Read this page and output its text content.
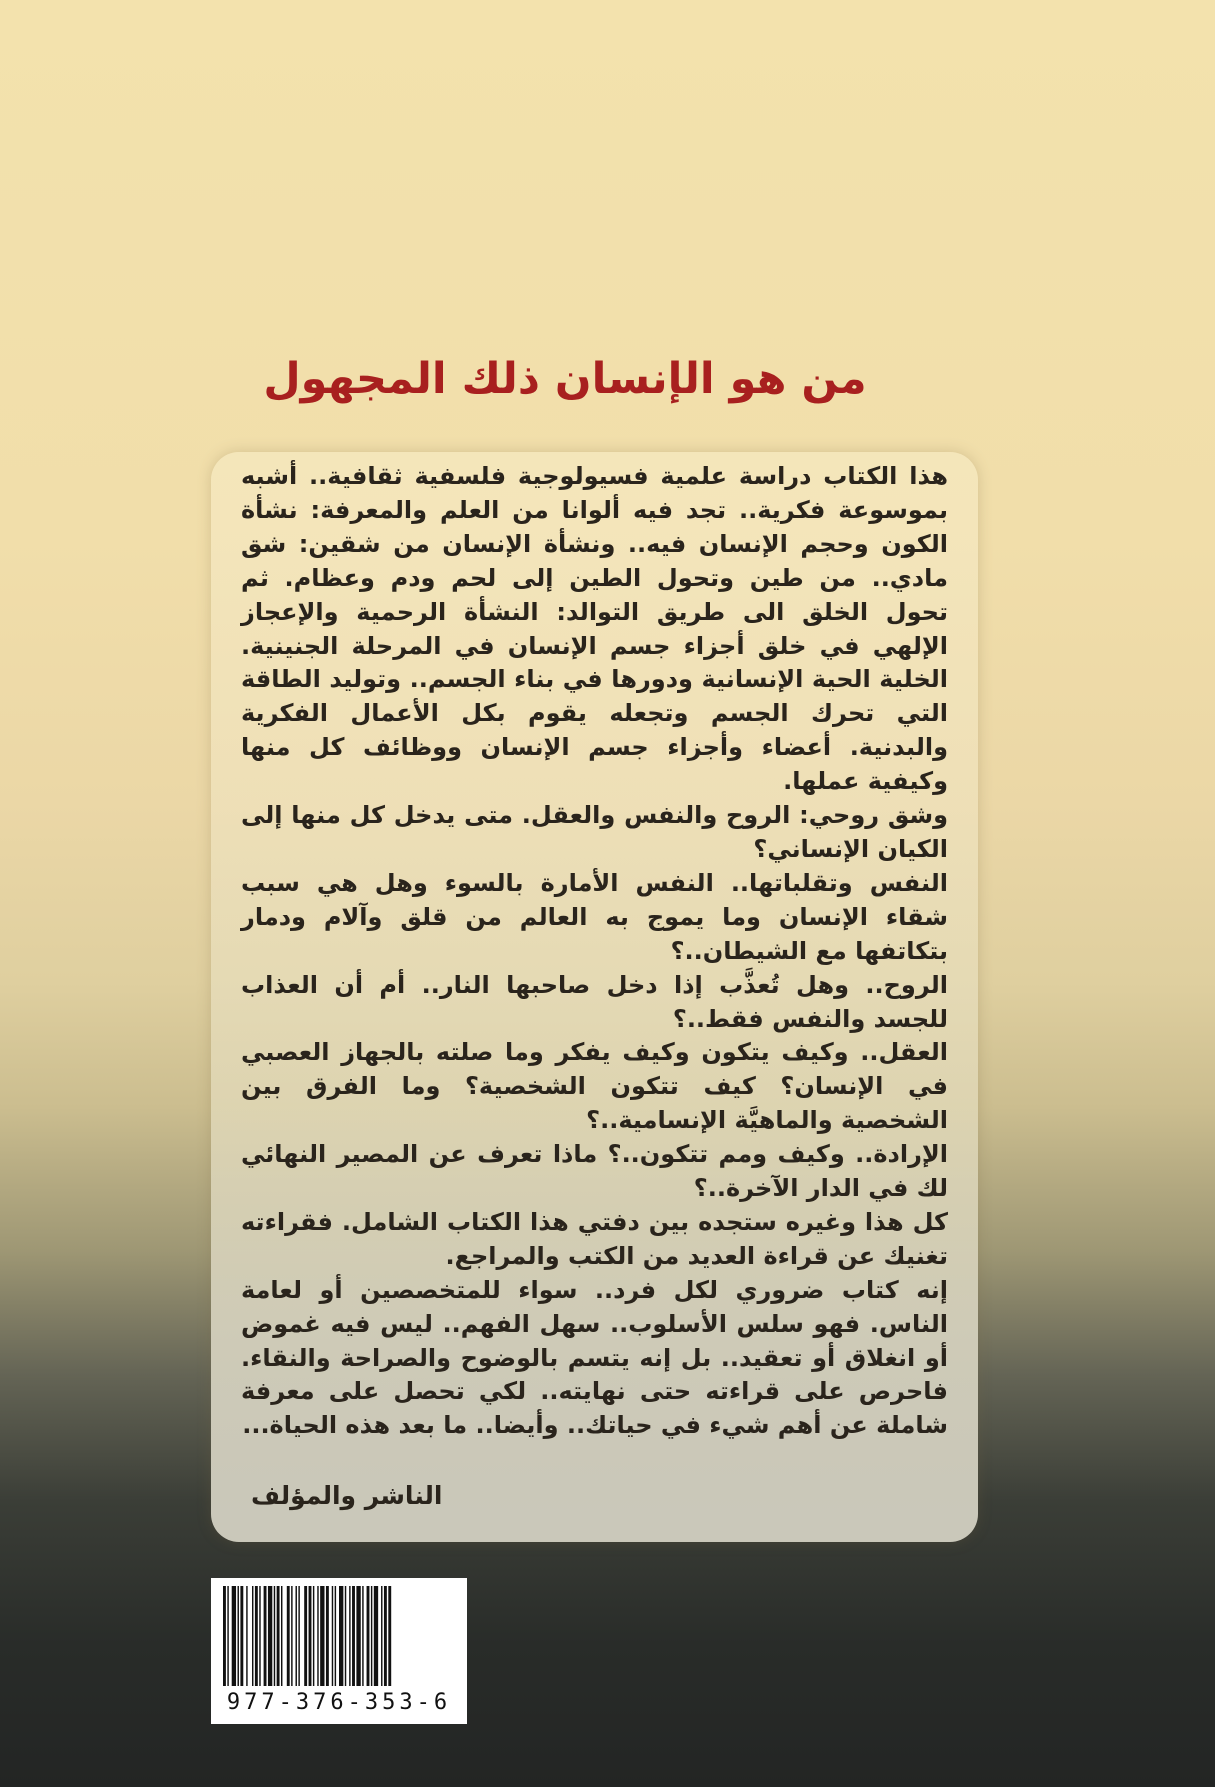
من هو الإنسان ذلك المجهول

هذا الكتاب دراسة علمية فسيولوجية فلسفية ثقافية.. أشبه بموسوعة فكرية.. تجد فيه ألوانا من العلم والمعرفة: نشأة الكون وحجم الإنسان فيه.. ونشأة الإنسان من شقين: شق مادي.. من طين وتحول الطين إلى لحم ودم وعظام. ثم تحول الخلق الى طريق التوالد: النشأة الرحمية والإعجاز الإلهي في خلق أجزاء جسم الإنسان في المرحلة الجنينية. الخلية الحية الإنسانية ودورها في بناء الجسم.. وتوليد الطاقة التي تحرك الجسم وتجعله يقوم بكل الأعمال الفكرية والبدنية. أعضاء وأجزاء جسم الإنسان ووظائف كل منها وكيفية عملها.

وشق روحي: الروح والنفس والعقل. متى يدخل كل منها إلى الكيان الإنساني؟

النفس وتقلباتها.. النفس الأمارة بالسوء وهل هي سبب شقاء الإنسان وما يموج به العالم من قلق وآلام ودمار بتكاتفها مع الشيطان..؟

الروح.. وهل تُعذَّب إذا دخل صاحبها النار.. أم أن العذاب للجسد والنفس فقط..؟

العقل.. وكيف يتكون وكيف يفكر وما صلته بالجهاز العصبي في الإنسان؟ كيف تتكون الشخصية؟ وما الفرق بين الشخصية والماهيَّة الإنسامية..؟

الإرادة.. وكيف ومم تتكون..؟ ماذا تعرف عن المصير النهائي لك في الدار الآخرة..؟

كل هذا وغيره ستجده بين دفتي هذا الكتاب الشامل. فقراءته تغنيك عن قراءة العديد من الكتب والمراجع.

إنه كتاب ضروري لكل فرد.. سواء للمتخصصين أو لعامة الناس. فهو سلس الأسلوب.. سهل الفهم.. ليس فيه غموض أو انغلاق أو تعقيد.. بل إنه يتسم بالوضوح والصراحة والنقاء. فاحرص على قراءته حتى نهايته.. لكي تحصل على معرفة شاملة عن أهم شيء في حياتك.. وأيضا.. ما بعد هذه الحياة...

الناشر والمؤلف
977-376-353-6
